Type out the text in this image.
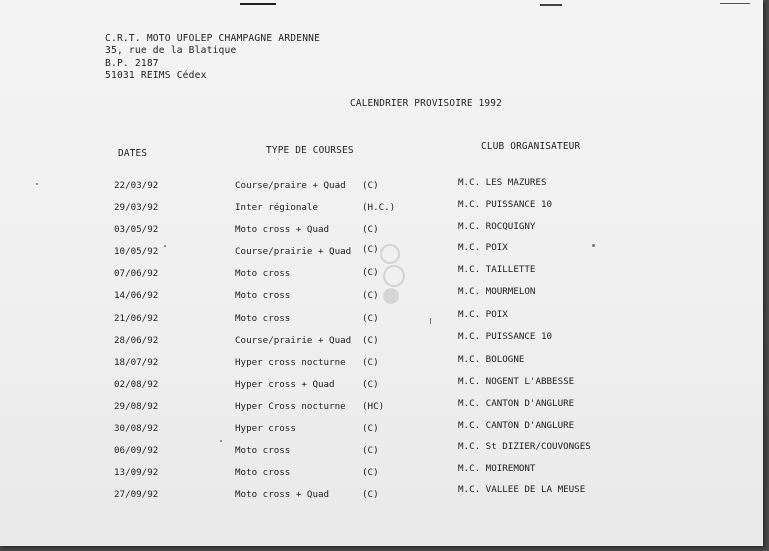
C.R.T. MOTO UFOLEP CHAMPAGNE ARDENNE
35, rue de la Blatique
B.P. 2187
51031 REIMS Cédex
CALENDRIER PROVISOIRE 1992
DATES	TYPE DE COURSES	CLUB ORGANISATEUR
22/03/92	Course/praire + Quad (C)	M.C. LES MAZURES
29/03/92	Inter régionale	(H.C.)	M.C. PUISSANCE 10
03/05/92	Moto cross + Quad	(C)	M.C. ROCQUIGNY
10/05/92	Course/prairie + Quad (C)	M.C. POIX
07/06/92	Moto cross	(C)	M.C. TAILLETTE
14/06/92	Moto cross	(C)	M.C. MOURMELON
21/06/92	Moto cross	(C)	M.C. POIX
28/06/92	Course/prairie + Quad (C)	M.C. PUISSANCE 10
18/07/92	Hyper cross nocturne (C)	M.C. BOLOGNE
02/08/92	Hyper cross + Quad	(C)	M.C. NOGENT L'ABBESSE
29/08/92	Hyper Cross nocturne (HC)	M.C. CANTON D'ANGLURE
30/08/92	Hyper cross	(C)	M.C. CANTON D'ANGLURE
06/09/92	Moto cross	(C)	M.C. St DIZIER/COUVONGES
13/09/92	Moto cross	(C)	M.C. MOIREMONT
27/09/92	Moto cross + Quad	(C)	M.C. VALLEE DE LA MEUSE
